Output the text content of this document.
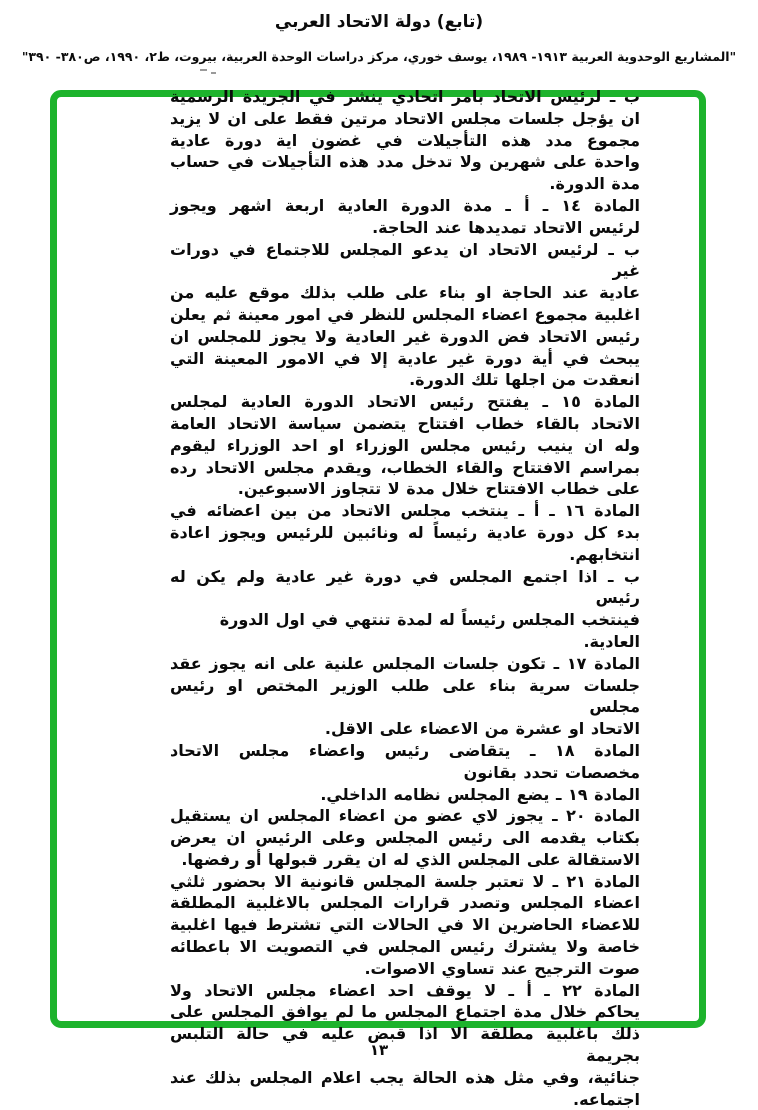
(تابع) دولة الاتحاد العربي
"المشاريع الوحدوية العربية ١٩١٣- ١٩٨٩، يوسف خوري، مركز دراسات الوحدة العربية، بيروت، ط٢، ١٩٩٠، ص٣٨٠- ٣٩٠"
ب ـ لرئيس الاتحاد بامر اتحادي ينشر في الجريدة الرسمية
ان يؤجل جلسات مجلس الاتحاد مرتين فقط على ان لا يزيد
مجموع مدد هذه التأجيلات في غضون اية دورة عادية
واحدة على شهرين ولا تدخل مدد هذه التأجيلات في حساب
مدة الدورة.
المادة ١٤ ـ أ ـ مدة الدورة العادية اربعة اشهر ويجوز
لرئيس الاتحاد تمديدها عند الحاجة.
ب ـ لرئيس الاتحاد ان يدعو المجلس للاجتماع في دورات غير
عادية عند الحاجة او بناء على طلب بذلك موقع عليه من
اغلبية مجموع اعضاء المجلس للنظر في امور معينة ثم يعلن
رئيس الاتحاد فض الدورة غير العادية ولا يجوز للمجلس ان
يبحث في أية دورة غير عادية إلا في الامور المعينة التي
انعقدت من اجلها تلك الدورة.
المادة ١٥ ـ يفتتح رئيس الاتحاد الدورة العادية لمجلس
الاتحاد بالقاء خطاب افتتاح يتضمن سياسة الاتحاد العامة
وله ان ينيب رئيس مجلس الوزراء او احد الوزراء ليقوم
بمراسم الافتتاح والقاء الخطاب، ويقدم مجلس الاتحاد رده
على خطاب الافتتاح خلال مدة لا تتجاوز الاسبوعين.
المادة ١٦ ـ أ ـ ينتخب مجلس الاتحاد من بين اعضائه في
بدء كل دورة عادية رئيساً له ونائبين للرئيس ويجوز اعادة
انتخابهم.
ب ـ اذا اجتمع المجلس في دورة غير عادية ولم يكن له رئيس
فينتخب المجلس رئيساً له لمدة تنتهي في اول الدورة العادية.
المادة ١٧ ـ تكون جلسات المجلس علنية على انه يجوز عقد
جلسات سرية بناء على طلب الوزير المختص او رئيس مجلس
الاتحاد او عشرة من الاعضاء على الاقل.
المادة ١٨ ـ يتقاضى رئيس واعضاء مجلس الاتحاد
مخصصات تحدد بقانون
المادة ١٩ ـ يضع المجلس نظامه الداخلي.
المادة ٢٠ ـ يجوز لاي عضو من اعضاء المجلس ان يستقيل
بكتاب يقدمه الى رئيس المجلس وعلى الرئيس ان يعرض
الاستقالة على المجلس الذي له ان يقرر قبولها أو رفضها.
المادة ٢١ ـ لا تعتبر جلسة المجلس قانونية الا بحضور ثلثي
اعضاء المجلس وتصدر قرارات المجلس بالاغلبية المطلقة
للاعضاء الحاضرين الا في الحالات التي تشترط فيها اغلبية
خاصة ولا يشترك رئيس المجلس في التصويت الا باعطائه
صوت الترجيح عند تساوي الاصوات.
المادة ٢٢ ـ أ ـ لا يوقف احد اعضاء مجلس الاتحاد ولا
يحاكم خلال مدة اجتماع المجلس ما لم يوافق المجلس على
ذلك باغلبية مطلقة الا اذا قبض عليه في حالة التلبس بجريمة
جنائية، وفي مثل هذه الحالة يجب اعلام المجلس بذلك عند
اجتماعه.
١٣
